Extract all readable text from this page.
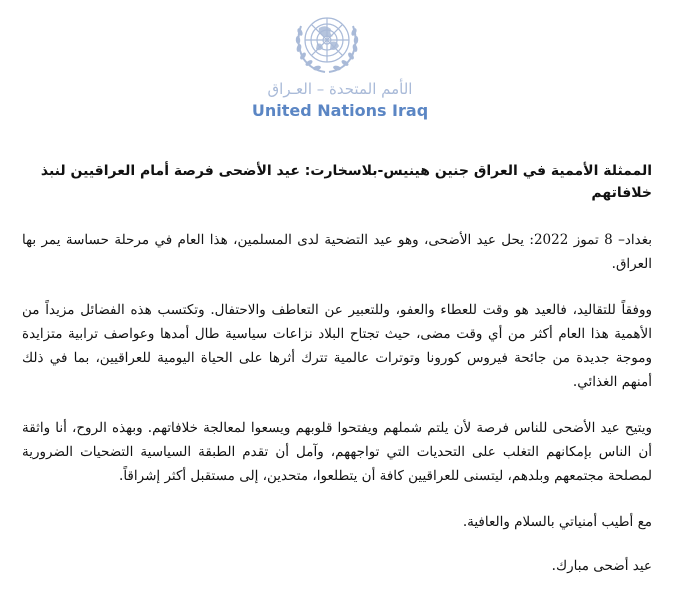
الأمم المتحدة – العـراق
United Nations Iraq
الممثلة الأممية في العراق جنين هينيس-بلاسخارت: عيد الأضحى فرصة أمام العراقيين لنبذ خلافاتهم
بغداد– 8 تموز 2022: يحل عيد الأضحى، وهو عيد التضحية لدى المسلمين، هذا العام في مرحلة حساسة يمر بها العراق.
ووفقاً للتقاليد، فالعيد هو وقت للعطاء والعفو، وللتعبير عن التعاطف والاحتفال. وتكتسب هذه الفضائل مزيداً من الأهمية هذا العام أكثر من أي وقت مضى، حيث تجتاح البلاد نزاعات سياسية طال أمدها وعواصف ترابية متزايدة وموجة جديدة من جائحة فيروس كورونا وتوترات عالمية تترك أثرها على الحياة اليومية للعراقيين، بما في ذلك أمنهم الغذائي.
ويتيح عيد الأضحى للناس فرصة لأن يلتم شملهم ويفتحوا قلوبهم ويسعوا لمعالجة خلافاتهم. وبهذه الروح، أنا واثقة أن الناس بإمكانهم التغلب على التحديات التي تواجههم، وآمل أن تقدم الطبقة السياسية التضحيات الضرورية لمصلحة مجتمعهم وبلدهم، ليتسنى للعراقيين كافة أن يتطلعوا، متحدين، إلى مستقبل أكثر إشراقاً.
مع أطيب أمنياتي بالسلام والعافية.
عيد أضحى مبارك.
